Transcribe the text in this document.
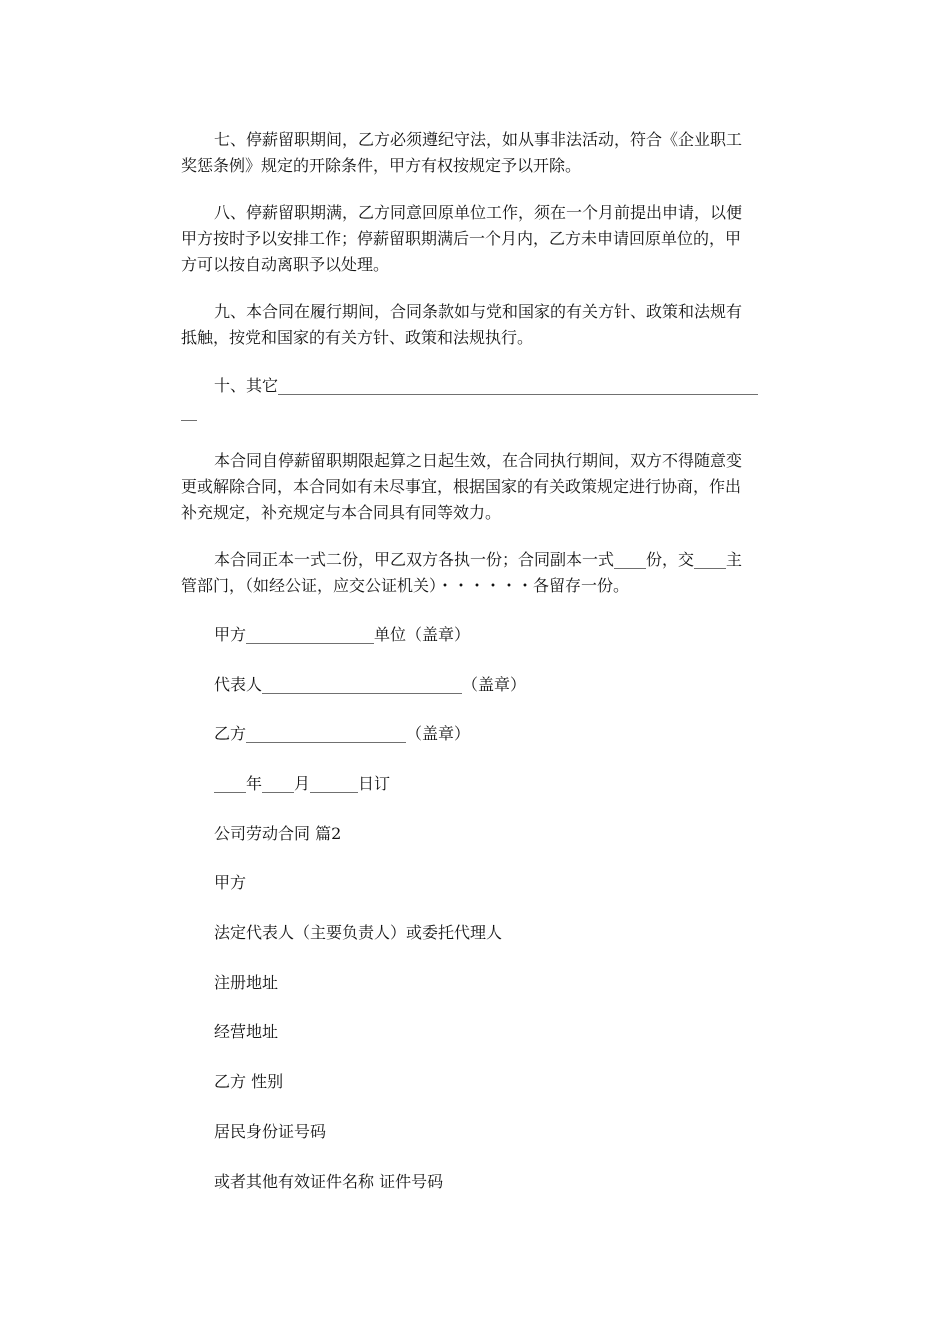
七、停薪留职期间，乙方必须遵纪守法，如从事非法活动，符合《企业职工
奖惩条例》规定的开除条件，甲方有权按规定予以开除。
八、停薪留职期满，乙方同意回原单位工作，须在一个月前提出申请，以便
甲方按时予以安排工作；停薪留职期满后一个月内，乙方未申请回原单位的，甲
方可以按自动离职予以处理。
九、本合同在履行期间，合同条款如与党和国家的有关方针、政策和法规有
抵触，按党和国家的有关方针、政策和法规执行。
十、其它____________________________________________________________
__
本合同自停薪留职期限起算之日起生效，在合同执行期间，双方不得随意变
更或解除合同，本合同如有未尽事宜，根据国家的有关政策规定进行协商，作出
补充规定，补充规定与本合同具有同等效力。
本合同正本一式二份，甲乙双方各执一份；合同副本一式____份，交____主
管部门，（如经公证，应交公证机关）・・・・・・各留存一份。
甲方________________单位（盖章）
代表人_________________________（盖章）
乙方____________________（盖章）
____年____月______日订
公司劳动合同 篇2
甲方
法定代表人（主要负责人）或委托代理人
注册地址
经营地址
乙方 性别
居民身份证号码
或者其他有效证件名称 证件号码
